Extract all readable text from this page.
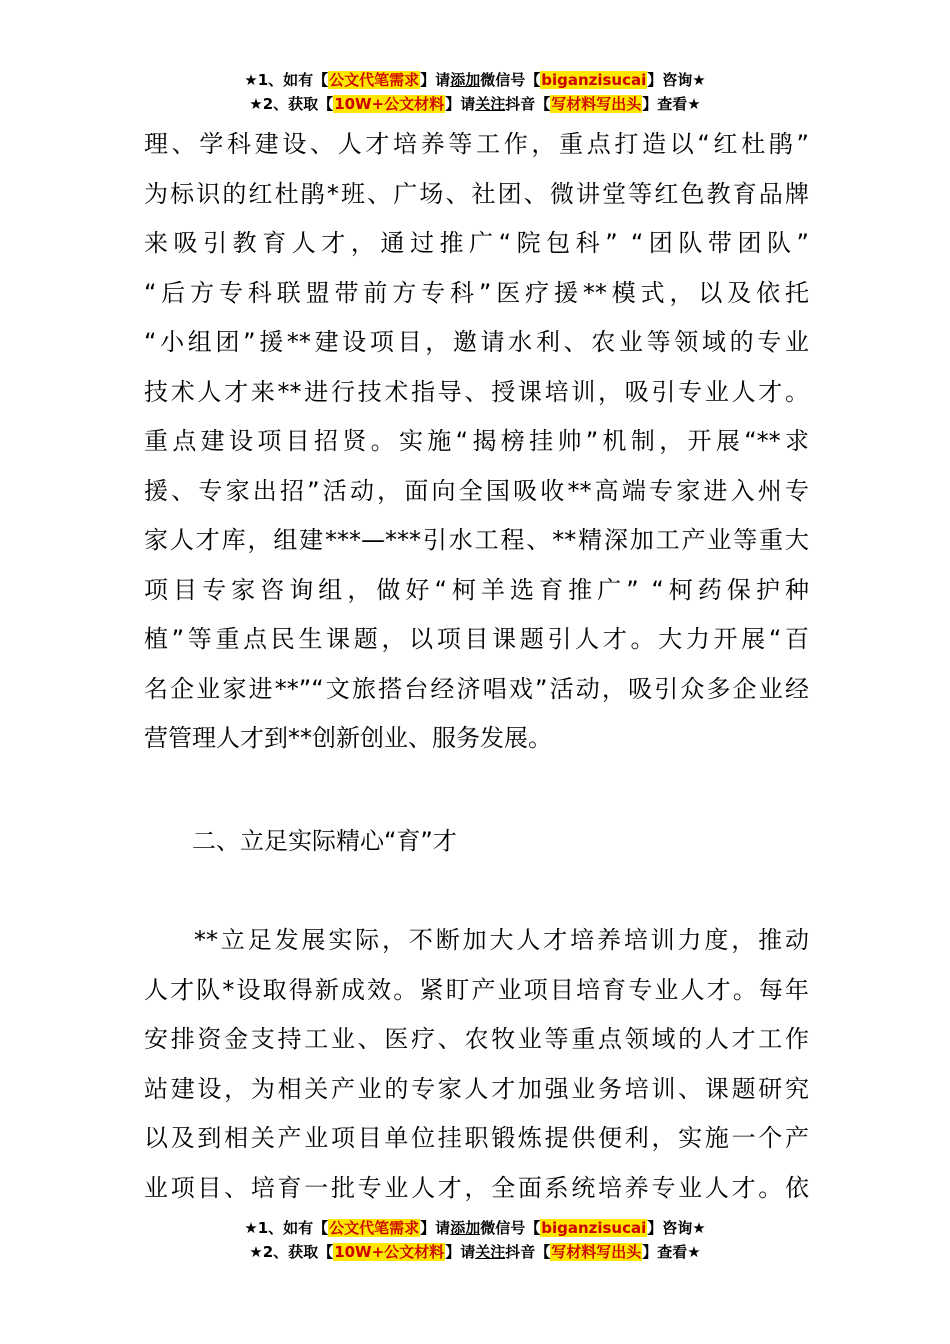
★1、如有【公文代笔需求】请添加微信号【biganzisucai】咨询★
★2、获取【10W+公文材料】请关注抖音【写材料写出头】查看★
理、学科建设、人才培养等工作，重点打造以“红杜鹃”
为标识的红杜鹃*班、广场、社团、微讲堂等红色教育品牌
来吸引教育人才，通过推广“院包科” “团队带团队”
“后方专科联盟带前方专科”医疗援**模式，以及依托
“小组团”援**建设项目，邀请水利、农业等领域的专业
技术人才来**进行技术指导、授课培训，吸引专业人才。
重点建设项目招贤。实施“揭榜挂帅”机制，开展“**求
援、专家出招”活动，面向全国吸收**高端专家进入州专
家人才库，组建***—***引水工程、**精深加工产业等重大
项目专家咨询组，做好“柯羊选育推广” “柯药保护种
植”等重点民生课题，以项目课题引人才。大力开展“百
名企业家进**”“文旅搭台经济唱戏”活动，吸引众多企业经
营管理人才到**创新创业、服务发展。
二、立足实际精心“育”才
**立足发展实际，不断加大人才培养培训力度，推动
人才队*设取得新成效。紧盯产业项目培育专业人才。每年
安排资金支持工业、医疗、农牧业等重点领域的人才工作
站建设，为相关产业的专家人才加强业务培训、课题研究
以及到相关产业项目单位挂职锻炼提供便利，实施一个产
业项目、培育一批专业人才，全面系统培养专业人才。依
★1、如有【公文代笔需求】请添加微信号【biganzisucai】咨询★
★2、获取【10W+公文材料】请关注抖音【写材料写出头】查看★
